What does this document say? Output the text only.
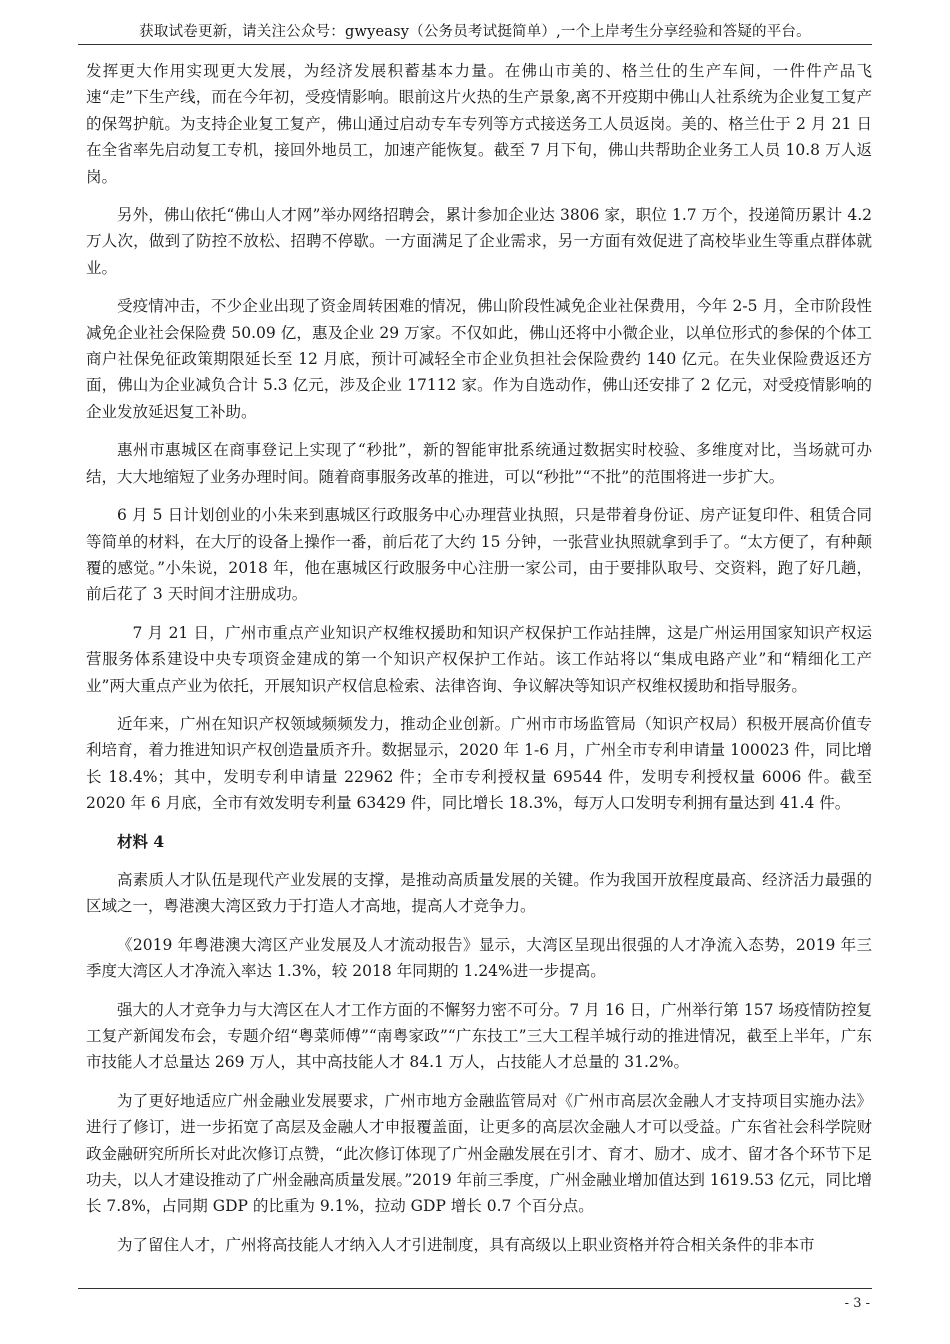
获取试卷更新，请关注公众号：gwyeasy（公务员考试挺简单）,一个上岸考生分享经验和答疑的平台。

发挥更大作用实现更大发展，为经济发展积蓄基本力量。在佛山市美的、格兰仕的生产车间，一件件产品飞速“走”下生产线，而在今年初，受疫情影响。眼前这片火热的生产景象,离不开疫期中佛山人社系统为企业复工复产的保驾护航。为支持企业复工复产，佛山通过启动专车专列等方式接送务工人员返岗。美的、格兰仕于 2 月 21 日在全省率先启动复工专机，接回外地员工，加速产能恢复。截至 7 月下旬，佛山共帮助企业务工人员 10.8 万人返岗。

另外，佛山依托“佛山人才网”举办网络招聘会，累计参加企业达 3806 家，职位 1.7 万个，投递简历累计 4.2 万人次，做到了防控不放松、招聘不停歇。一方面满足了企业需求，另一方面有效促进了高校毕业生等重点群体就业。

受疫情冲击，不少企业出现了资金周转困难的情况，佛山阶段性减免企业社保费用，今年 2-5 月，全市阶段性减免企业社会保险费 50.09 亿，惠及企业 29 万家。不仅如此，佛山还将中小微企业，以单位形式的参保的个体工商户社保免征政策期限延长至 12 月底，预计可减轻全市企业负担社会保险费约 140 亿元。在失业保险费返还方面，佛山为企业减负合计 5.3 亿元，涉及企业 17112 家。作为自选动作，佛山还安排了 2 亿元，对受疫情影响的企业发放延迟复工补助。

惠州市惠城区在商事登记上实现了“秒批”，新的智能审批系统通过数据实时校验、多维度对比，当场就可办结，大大地缩短了业务办理时间。随着商事服务改革的推进，可以“秒批”“不批”的范围将进一步扩大。

6 月 5 日计划创业的小朱来到惠城区行政服务中心办理营业执照，只是带着身份证、房产证复印件、租赁合同等简单的材料，在大厅的设备上操作一番，前后花了大约 15 分钟，一张营业执照就拿到手了。“太方便了，有种颠覆的感觉。”小朱说，2018 年，他在惠城区行政服务中心注册一家公司，由于要排队取号、交资料，跑了好几趟，前后花了 3 天时间才注册成功。

7 月 21 日，广州市重点产业知识产权维权援助和知识产权保护工作站挂牌，这是广州运用国家知识产权运营服务体系建设中央专项资金建成的第一个知识产权保护工作站。该工作站将以“集成电路产业”和“精细化工产业”两大重点产业为依托，开展知识产权信息检索、法律咨询、争议解决等知识产权维权援助和指导服务。

近年来，广州在知识产权领域频频发力，推动企业创新。广州市市场监管局（知识产权局）积极开展高价值专利培育，着力推进知识产权创造量质齐升。数据显示，2020 年 1-6 月，广州全市专利申请量 100023 件，同比增长 18.4%；其中，发明专利申请量 22962 件；全市专利授权量 69544 件，发明专利授权量 6006 件。截至 2020 年 6 月底，全市有效发明专利量 63429 件，同比增长 18.3%，每万人口发明专利拥有量达到 41.4 件。

材料 4

高素质人才队伍是现代产业发展的支撑，是推动高质量发展的关键。作为我国开放程度最高、经济活力最强的区域之一，粤港澳大湾区致力于打造人才高地，提高人才竞争力。

《2019 年粤港澳大湾区产业发展及人才流动报告》显示，大湾区呈现出很强的人才净流入态势，2019 年三季度大湾区人才净流入率达 1.3%，较 2018 年同期的 1.24%进一步提高。

强大的人才竞争力与大湾区在人才工作方面的不懈努力密不可分。7 月 16 日，广州举行第 157 场疫情防控复工复产新闻发布会，专题介绍“粤菜师傅”“南粤家政”“广东技工”三大工程羊城行动的推进情况，截至上半年，广东市技能人才总量达 269 万人，其中高技能人才 84.1 万人，占技能人才总量的 31.2%。

为了更好地适应广州金融业发展要求，广州市地方金融监管局对《广州市高层次金融人才支持项目实施办法》进行了修订，进一步拓宽了高层及金融人才申报覆盖面，让更多的高层次金融人才可以受益。广东省社会科学院财政金融研究所所长对此次修订点赞，“此次修订体现了广州金融发展在引才、育才、励才、成才、留才各个环节下足功夫，以人才建设推动了广州金融高质量发展。”2019 年前三季度，广州金融业增加值达到 1619.53 亿元，同比增长 7.8%，占同期 GDP 的比重为 9.1%，拉动 GDP 增长 0.7 个百分点。

为了留住人才，广州将高技能人才纳入人才引进制度，具有高级以上职业资格并符合相关条件的非本市

- 3 -
